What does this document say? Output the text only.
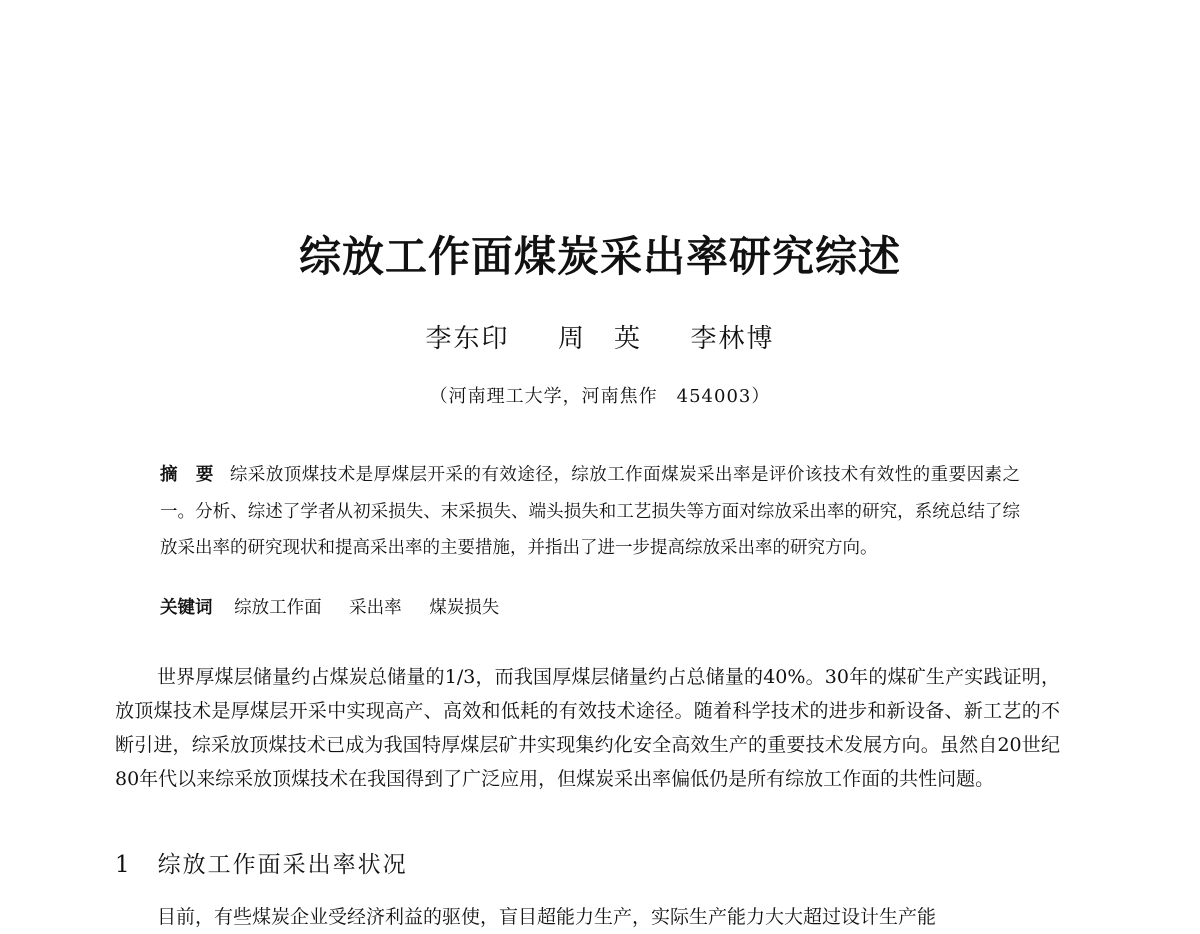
综放工作面煤炭采出率研究综述
李东印 周　英 李林博
（河南理工大学，河南焦作　454003）
摘　要 综采放顶煤技术是厚煤层开采的有效途径，综放工作面煤炭采出率是评价该技术有效性的重要因素之一。分析、综述了学者从初采损失、末采损失、端头损失和工艺损失等方面对综放采出率的研究，系统总结了综放采出率的研究现状和提高采出率的主要措施，并指出了进一步提高综放采出率的研究方向。
关键词 综放工作面 采出率 煤炭损失
世界厚煤层储量约占煤炭总储量的1/3，而我国厚煤层储量约占总储量的40%。30年的煤矿生产实践证明，放顶煤技术是厚煤层开采中实现高产、高效和低耗的有效技术途径。随着科学技术的进步和新设备、新工艺的不断引进，综采放顶煤技术已成为我国特厚煤层矿井实现集约化安全高效生产的重要技术发展方向。虽然自20世纪80年代以来综采放顶煤技术在我国得到了广泛应用，但煤炭采出率偏低仍是所有综放工作面的共性问题。
1 综放工作面采出率状况
目前，有些煤炭企业受经济利益的驱使，盲目超能力生产，实际生产能力大大超过设计生产能
